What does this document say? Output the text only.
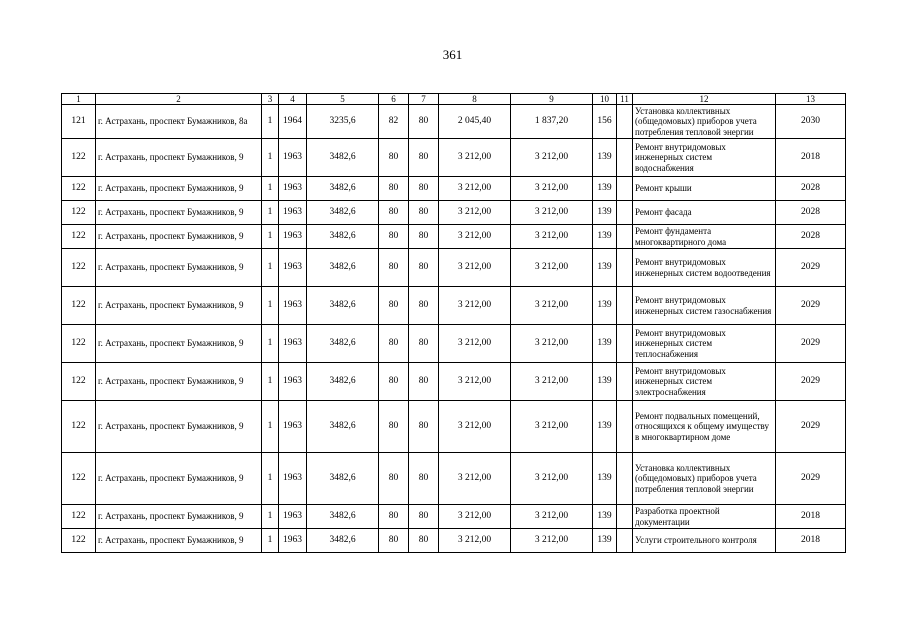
361
1	2	3	4	5	6	7	8	9	10	11	12	13
121	г. Астрахань, проспект Бумажников, 8а	1	1964	3235,6	82	80	2 045,40	1 837,20	156		Установка коллективных (общедомовых) приборов учета потребления тепловой энергии	2030
122	г. Астрахань, проспект Бумажников, 9	1	1963	3482,6	80	80	3 212,00	3 212,00	139		Ремонт внутридомовых инженерных систем водоснабжения	2018
122	г. Астрахань, проспект Бумажников, 9	1	1963	3482,6	80	80	3 212,00	3 212,00	139		Ремонт крыши	2028
122	г. Астрахань, проспект Бумажников, 9	1	1963	3482,6	80	80	3 212,00	3 212,00	139		Ремонт фасада	2028
122	г. Астрахань, проспект Бумажников, 9	1	1963	3482,6	80	80	3 212,00	3 212,00	139		Ремонт фундамента многоквартирного дома	2028
122	г. Астрахань, проспект Бумажников, 9	1	1963	3482,6	80	80	3 212,00	3 212,00	139		Ремонт внутридомовых инженерных систем водоотведения	2029
122	г. Астрахань, проспект Бумажников, 9	1	1963	3482,6	80	80	3 212,00	3 212,00	139		Ремонт внутридомовых инженерных систем газоснабжения	2029
122	г. Астрахань, проспект Бумажников, 9	1	1963	3482,6	80	80	3 212,00	3 212,00	139		Ремонт внутридомовых инженерных систем теплоснабжения	2029
122	г. Астрахань, проспект Бумажников, 9	1	1963	3482,6	80	80	3 212,00	3 212,00	139		Ремонт внутридомовых инженерных систем электроснабжения	2029
122	г. Астрахань, проспект Бумажников, 9	1	1963	3482,6	80	80	3 212,00	3 212,00	139		Ремонт подвальных помещений, относящихся к общему имуществу в многоквартирном доме	2029
122	г. Астрахань, проспект Бумажников, 9	1	1963	3482,6	80	80	3 212,00	3 212,00	139		Установка коллективных (общедомовых) приборов учета потребления тепловой энергии	2029
122	г. Астрахань, проспект Бумажников, 9	1	1963	3482,6	80	80	3 212,00	3 212,00	139		Разработка проектной документации	2018
122	г. Астрахань, проспект Бумажников, 9	1	1963	3482,6	80	80	3 212,00	3 212,00	139		Услуги строительного контроля	2018
